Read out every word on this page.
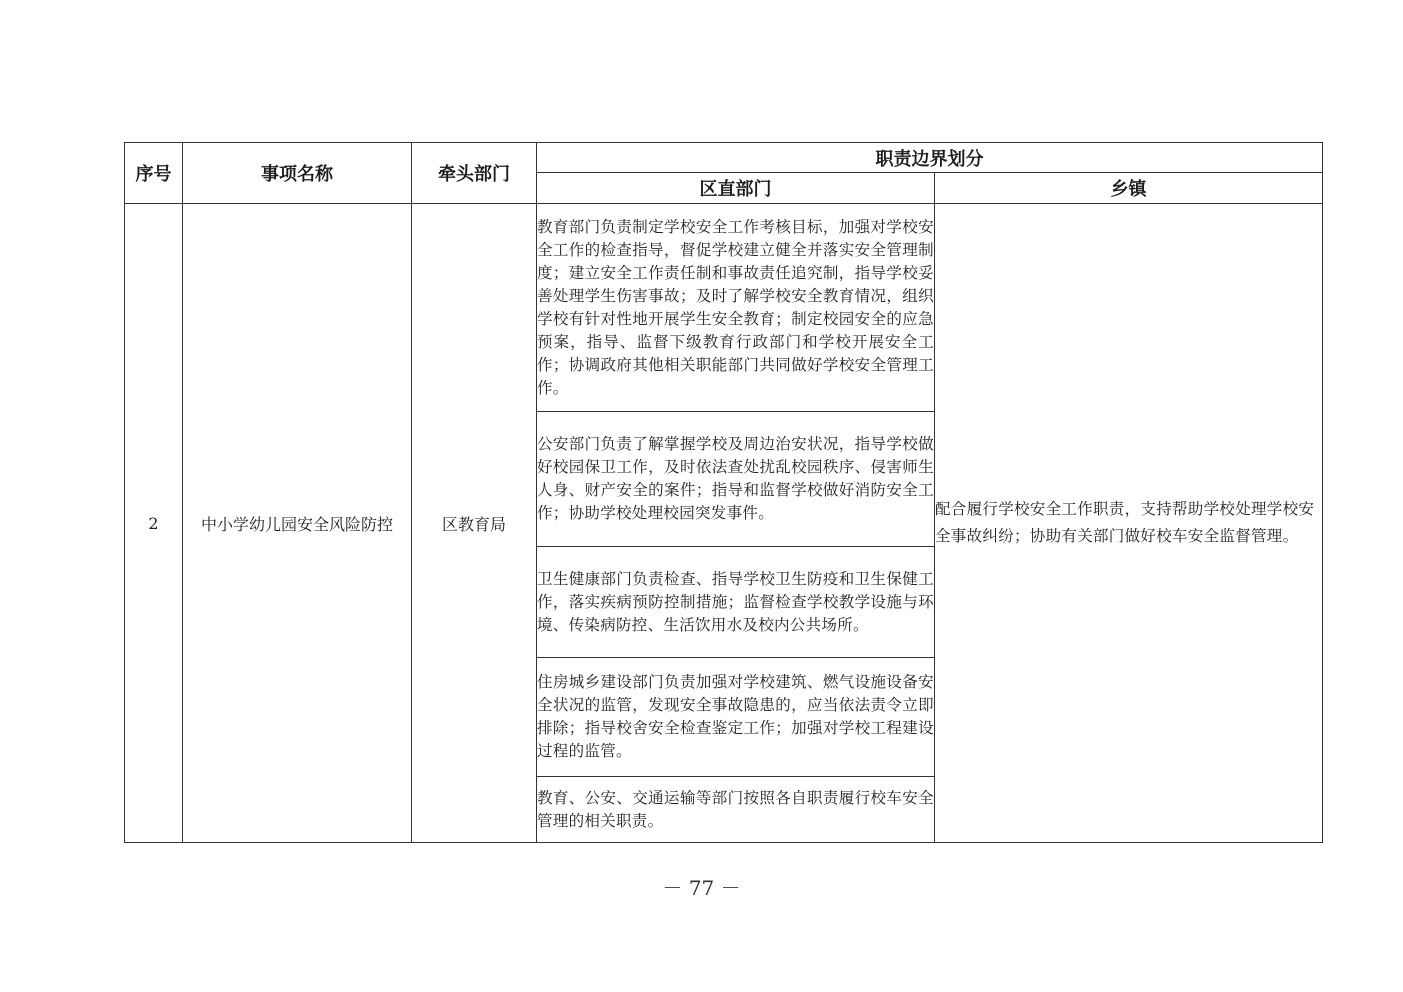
序号	事项名称	牵头部门	职责边界划分	
			区直部门	乡镇
2	中小学幼儿园安全风险防控	区教育局	教育部门负责制定学校安全工作考核目标，加强对学校安全工作的检查指导，督促学校建立健全并落实安全管理制度；建立安全工作责任制和事故责任追究制，指导学校妥善处理学生伤害事故；及时了解学校安全教育情况，组织学校有针对性地开展学生安全教育；制定校园安全的应急预案，指导、监督下级教育行政部门和学校开展安全工作；协调政府其他相关职能部门共同做好学校安全管理工作。	配合履行学校安全工作职责，支持帮助学校处理学校安全事故纠纷；协助有关部门做好校车安全监督管理。
			公安部门负责了解掌握学校及周边治安状况，指导学校做好校园保卫工作，及时依法查处扰乱校园秩序、侵害师生人身、财产安全的案件；指导和监督学校做好消防安全工作；协助学校处理校园突发事件。	
			卫生健康部门负责检查、指导学校卫生防疫和卫生保健工作，落实疾病预防控制措施；监督检查学校教学设施与环境、传染病防控、生活饮用水及校内公共场所。	
			住房城乡建设部门负责加强对学校建筑、燃气设施设备安全状况的监管，发现安全事故隐患的，应当依法责令立即排除；指导校舍安全检查鉴定工作；加强对学校工程建设过程的监管。	
			教育、公安、交通运输等部门按照各自职责履行校车安全管理的相关职责。	
－ 77 －
